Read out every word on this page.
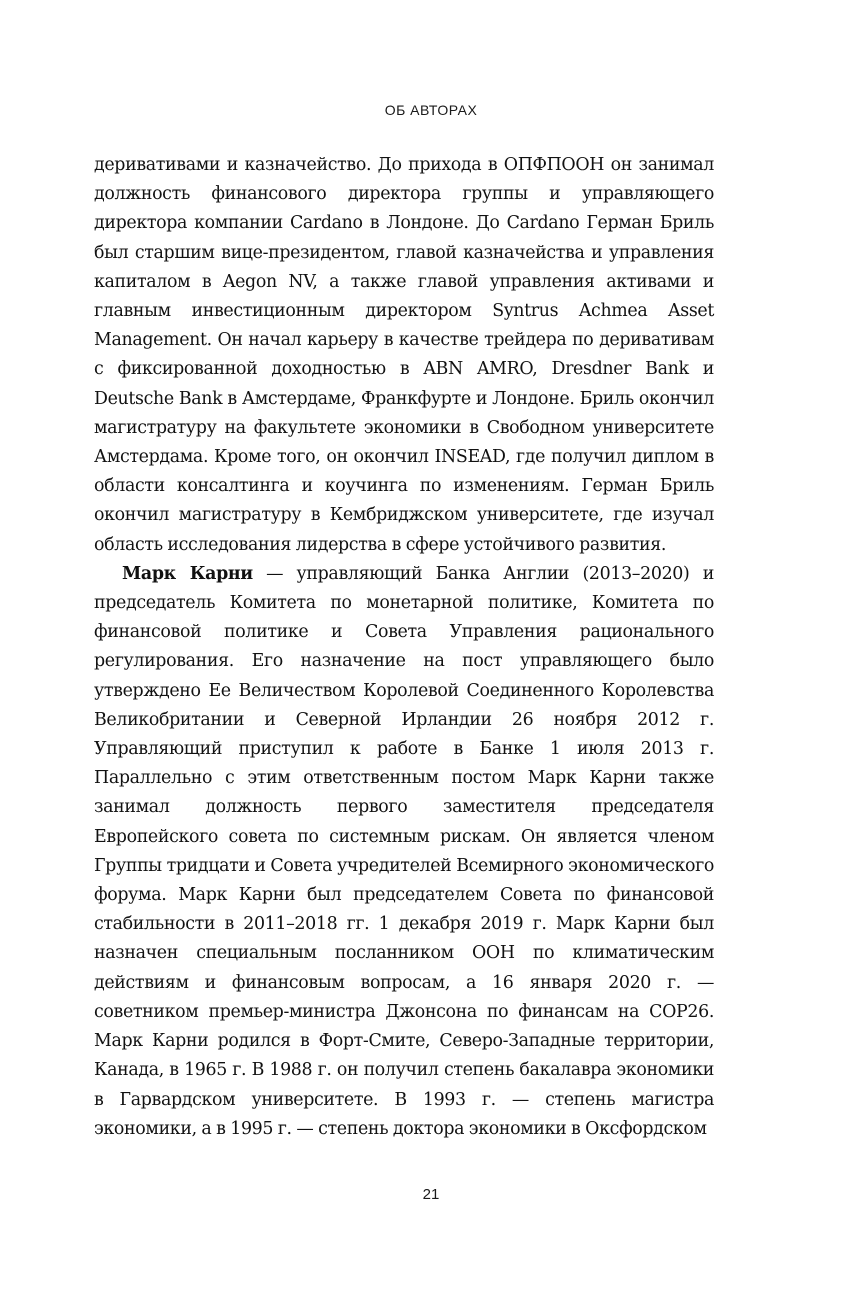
ОБ АВТОРАХ

деривативами и казначейство. До прихода в ОПФПООН он занимал должность финансового директора группы и управляющего директора компании Cardano в Лондоне. До Cardano Герман Бриль был старшим вице-президентом, главой казначейства и управления капиталом в Aegon NV, а также главой управления активами и главным инвестиционным директором Syntrus Achmea Asset Management. Он начал карьеру в качестве трейдера по деривативам с фиксированной доходностью в ABN AMRO, Dresdner Bank и Deutsche Bank в Амстердаме, Франкфурте и Лондоне. Бриль окончил магистратуру на факультете экономики в Свободном университете Амстердама. Кроме того, он окончил INSEAD, где получил диплом в области консалтинга и коучинга по изменениям. Герман Бриль окончил магистратуру в Кембриджском университете, где изучал область исследования лидерства в сфере устойчивого развития.

Марк Карни — управляющий Банка Англии (2013–2020) и председатель Комитета по монетарной политике, Комитета по финансовой политике и Совета Управления рационального регулирования. Его назначение на пост управляющего было утверждено Ее Величеством Королевой Соединенного Королевства Великобритании и Северной Ирландии 26 ноября 2012 г. Управляющий приступил к работе в Банке 1 июля 2013 г. Параллельно с этим ответственным постом Марк Карни также занимал должность первого заместителя председателя Европейского совета по системным рискам. Он является членом Группы тридцати и Совета учредителей Всемирного экономического форума. Марк Карни был председателем Совета по финансовой стабильности в 2011–2018 гг. 1 декабря 2019 г. Марк Карни был назначен специальным посланником ООН по климатическим действиям и финансовым вопросам, а 16 января 2020 г. — советником премьер-министра Джонсона по финансам на COP26. Марк Карни родился в Форт-Смите, Северо-Западные территории, Канада, в 1965 г. В 1988 г. он получил степень бакалавра экономики в Гарвардском университете. В 1993 г. — степень магистра экономики, а в 1995 г. — степень доктора экономики в Оксфордском

21
